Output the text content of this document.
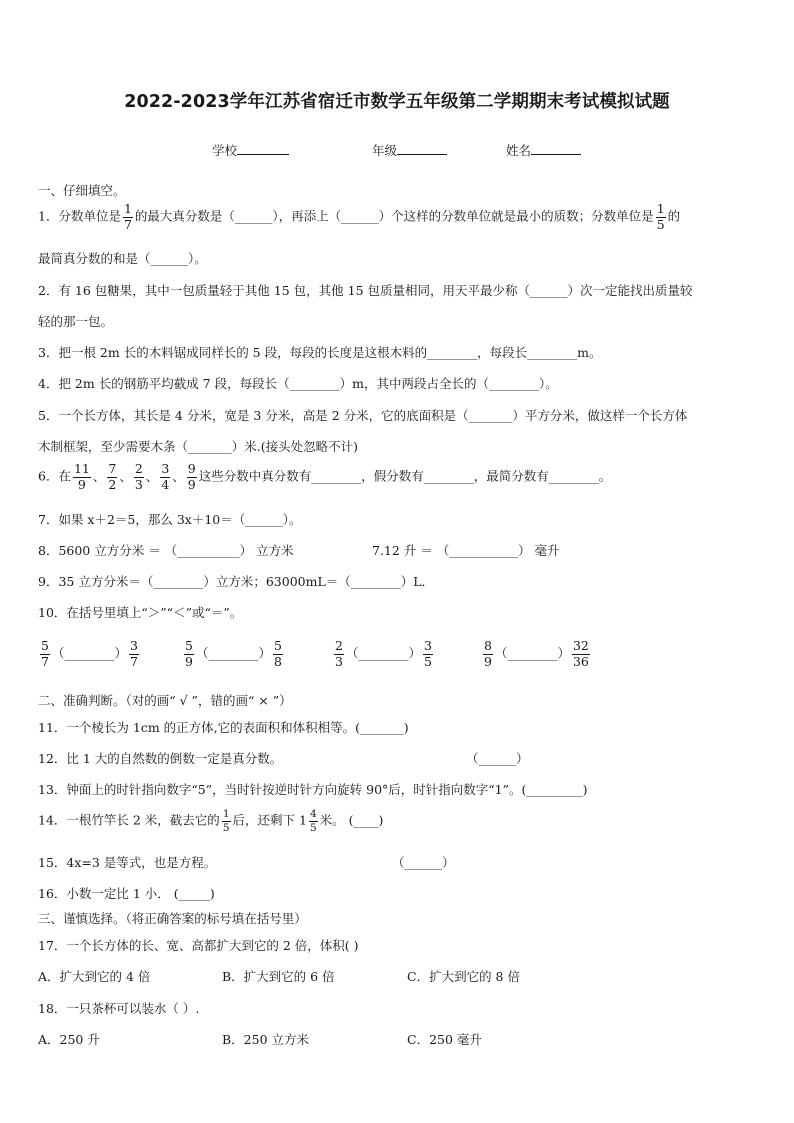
2022-2023学年江苏省宿迁市数学五年级第二学期期末考试模拟试题
学校	年级	姓名
一、仔细填空。
1．分数单位是 $\frac{1}{7}$ 的最大真分数是（______），再添上（______）个这样的分数单位就是最小的质数；分数单位是 $\frac{1}{5}$ 的
最简真分数的和是（______）。
2．有 16 包糖果，其中一包质量轻于其他 15 包，其他 15 包质量相同，用天平最少称（______）次一定能找出质量较
轻的那一包。
3．把一根 2m 长的木料锯成同样长的 5 段，每段的长度是这根木料的________，每段长________m。
4．把 2m 长的钢筋平均截成 7 段，每段长（________）m，其中两段占全长的（________）。
5．一个长方体，其长是 4 分米，宽是 3 分米，高是 2 分米，它的底面积是（_______）平方分米，做这样一个长方体
木制框架，至少需要木条（_______）米.(接头处忽略不计)
6．在 $\frac{11}{9}$ 、 $\frac{7}{2}$ 、 $\frac{2}{3}$ 、 $\frac{3}{4}$ 、 $\frac{9}{9}$ 这些分数中真分数有________，假分数有________，最简分数有________。
7．如果 x＋2＝5，那么 3x＋10＝（______）。
8．5600 立方分米 ＝ （__________） 立方米	7.12 升 ＝ （___________） 毫升
9．35 立方分米＝（________）立方米；63000mL＝（________）L．
10．在括号里填上“＞”“＜”或“＝”。
$\frac{5}{7}$ （________） $\frac{3}{7}$	$\frac{5}{9}$ （________） $\frac{5}{8}$	$\frac{2}{3}$ （________） $\frac{3}{5}$	$\frac{8}{9}$ （________） $\frac{32}{36}$
二、准确判断。（对的画“ √ ”，错的画“ × ”）
11．一个棱长为 1cm 的正方体,它的表面积和体积相等。(_______)
12．比 1 大的自然数的倒数一定是真分数。	（______）
13．钟面上的时针指向数字“5”，当时针按逆时针方向旋转 90°后，时针指向数字“1”。(_________)
14．一根竹竿长 2 米，截去它的 $\frac{1}{5}$ 后，还剩下 $1 \frac{4}{5}$ 米。 (____)
15．4x=3 是等式，也是方程。	（______）
16．小数一定比 1 小． (_____)
三、谨慎选择。（将正确答案的标号填在括号里）
17．一个长方体的长、宽、高都扩大到它的 2 倍，体积( )
A．扩大到它的 4 倍	B．扩大到它的 6 倍	C．扩大到它的 8 倍
18．一只茶杯可以装水（ ）.
A．250 升	B．250 立方米	C．250 毫升
